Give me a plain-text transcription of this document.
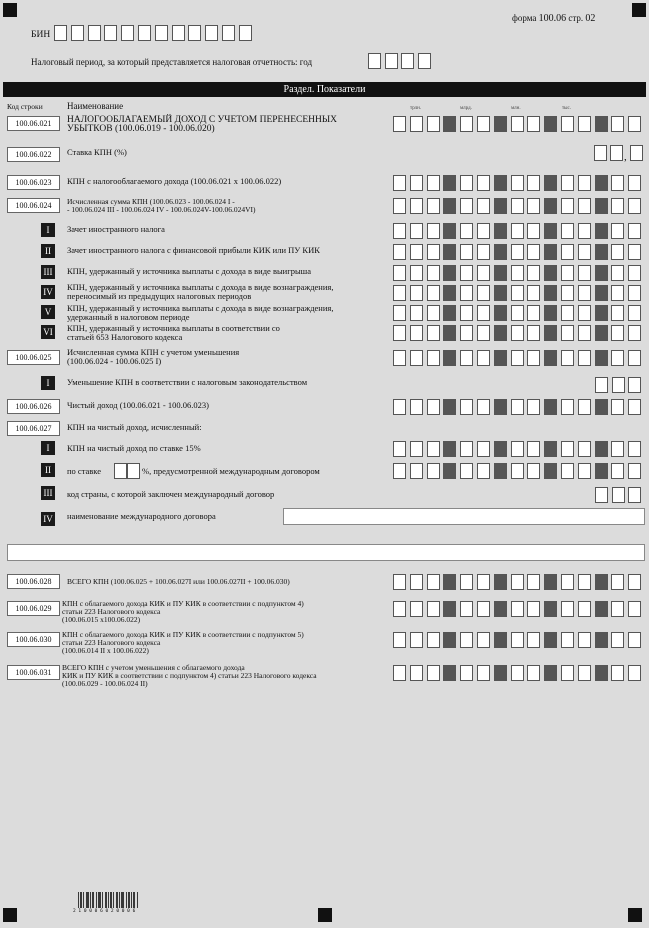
форма 100.06 стр. 02
БИН
Налоговый период, за который представляется налоговая отчетность: год
Раздел. Показатели
Код строки	Наименование	трлн.	млрд.	млн.	тыс.
100.06.021	НАЛОГООБЛАГАЕМЫЙ ДОХОД С УЧЕТОМ ПЕРЕНЕСЕННЫХ
УБЫТКОВ (100.06.019 - 100.06.020)
100.06.022	Ставка КПН (%)	,
100.06.023	КПН с налогооблагаемого дохода (100.06.021 х 100.06.022)
100.06.024	Исчисленная сумма КПН (100.06.023 - 100.06.024 I -
- 100.06.024 III - 100.06.024 IV - 100.06.024V-100.06.024VI)
I	Зачет иностранного налога
II	Зачет иностранного налога с финансовой прибыли КИК или ПУ КИК
III КПН, удержанный у источника выплаты с дохода в виде выигрыша
IV КПН, удержанный у источника выплаты с дохода в виде вознаграждения,
переносимый из предыдущих налоговых периодов
V	КПН, удержанный у источника выплаты с дохода в виде вознаграждения,
удержанный в налоговом периоде
VI КПН, удержанный у источника выплаты в соответствии со
статьей 653 Налогового кодекса
100.06.025
Исчисленная сумма КПН с учетом уменьшения
(100.06.024 - 100.06.025 I)
I	Уменьшение КПН в соответствии с налоговым законодательством
100.06.026	Чистый доход (100.06.021 - 100.06.023)
100.06.027	КПН на чистый доход, исчисленный:
I	КПН на чистый доход по ставке 15%
II	по ставке	%, предусмотренной международным договором
III код страны, с которой заключен международный договор
IV наименование международного договора
100.06.028	ВСЕГО КПН (100.06.025 + 100.06.027I или 100.06.027II + 100.06.030)
100.06.029
КПН с облагаемого дохода КИК и ПУ КИК в соответствии с подпунктом 4)
статьи 223 Налогового кодекса
(100.06.015 х100.06.022)
100.06.030
КПН с облагаемого дохода КИК и ПУ КИК в соответствии с подпунктом 5)
статьи 223 Налогового кодекса
(100.06.014 II х 100.06.022)
100.06.031
ВСЕГО КПН с учетом уменьшения с облагаемого дохода
КИК и ПУ КИК в соответствии с подпунктом 4) статьи 223 Налогового кодекса
(100.06.029 - 100.06.024 II)
2 1 0 0 0 6 0 2 0 0 0 6
